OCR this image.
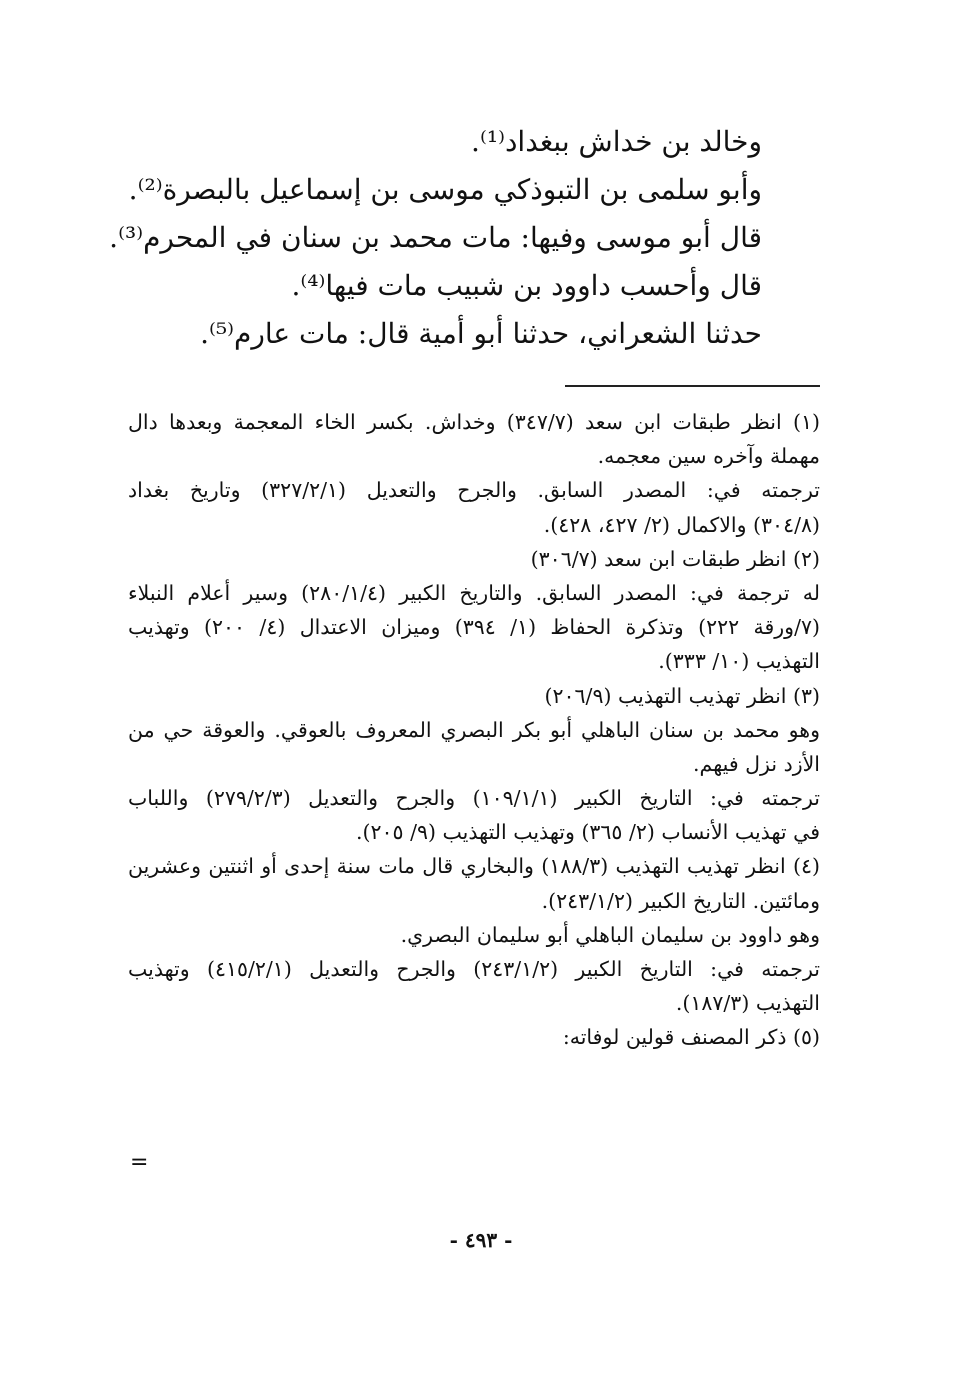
وخالد بن خداش ببغداد⁽¹⁾.
وأبو سلمى بن التبوذكي موسى بن إسماعيل بالبصرة⁽²⁾.
قال أبو موسى وفيها: مات محمد بن سنان في المحرم⁽³⁾.
قال وأحسب داوود بن شبيب مات فيها⁽⁴⁾.
حدثنا الشعراني، حدثنا أبو أمية قال: مات عارم⁽⁵⁾.
(١) انظر طبقات ابن سعد (٣٤٧/٧) وخداش. بكسر الخاء المعجمة وبعدها دال
مهملة وآخره سين معجمه.
ترجمته في: المصدر السابق. والجرح والتعديل (٣٢٧/٢/١) وتاريخ بغداد
(٣٠٤/٨) والاكمال (٢/ ٤٢٧، ٤٢٨).
(٢) انظر طبقات ابن سعد (٣٠٦/٧)
له ترجمة في: المصدر السابق. والتاريخ الكبير (٢٨٠/١/٤) وسير أعلام النبلاء
(٧/ورقة ٢٢٢) وتذكرة الحفاظ (١/ ٣٩٤) وميزان الاعتدال (٤/ ٢٠٠) وتهذيب
التهذيب (١٠/ ٣٣٣).
(٣) انظر تهذيب التهذيب (٢٠٦/٩)
وهو محمد بن سنان الباهلي أبو بكر البصري المعروف بالعوقي. والعوقة حي من
الأزد نزل فيهم.
ترجمته في: التاريخ الكبير (١٠٩/١/١) والجرح والتعديل (٢٧٩/٢/٣) واللباب
في تهذيب الأنساب (٢/ ٣٦٥) وتهذيب التهذيب (٩/ ٢٠٥).
(٤) انظر تهذيب التهذيب (١٨٨/٣) والبخاري قال مات سنة إحدى أو اثنتين وعشرين
ومائتين. التاريخ الكبير (٢٤٣/١/٢).
وهو داوود بن سليمان الباهلي أبو سليمان البصري.
ترجمته في: التاريخ الكبير (٢٤٣/١/٢) والجرح والتعديل (٤١٥/٢/١) وتهذيب
التهذيب (١٨٧/٣).
(٥) ذكر المصنف قولين لوفاته:
=
- ٤٩٣ -
